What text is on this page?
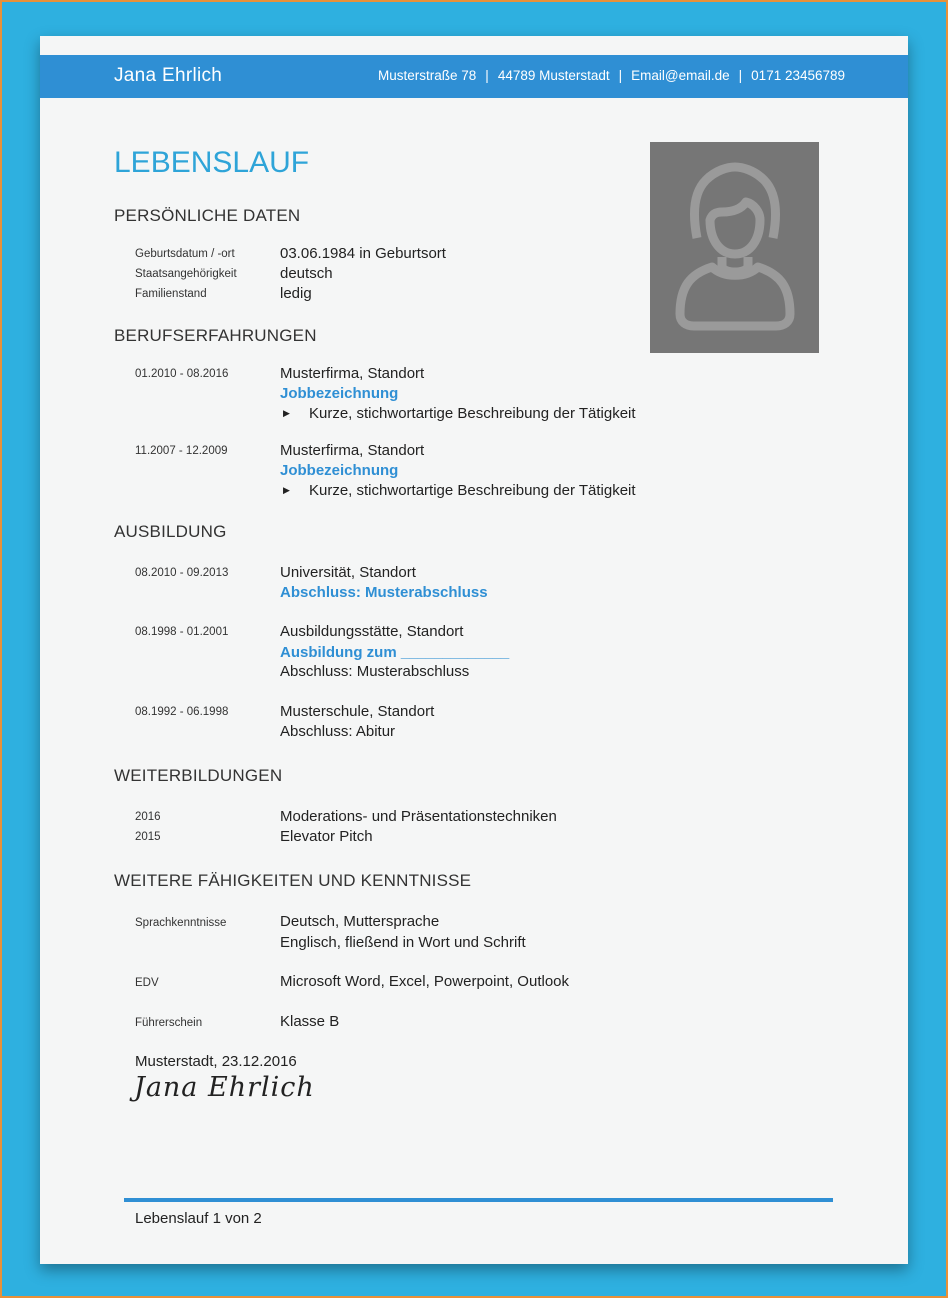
Jana Ehrlich	Musterstraße 78 | 44789 Musterstadt | Email@email.de | 0171 23456789
LEBENSLAUF
PERSÖNLICHE DATEN
Geburtsdatum / -ort	03.06.1984 in Geburtsort
Staatsangehörigkeit	deutsch
Familienstand	ledig
BERUFSERFAHRUNGEN
01.2010 - 08.2016	Musterfirma, Standort
Jobbezeichnung
▶ Kurze, stichwortartige Beschreibung der Tätigkeit
11.2007 - 12.2009	Musterfirma, Standort
Jobbezeichnung
▶ Kurze, stichwortartige Beschreibung der Tätigkeit
AUSBILDUNG
08.2010 - 09.2013	Universität, Standort
Abschluss: Musterabschluss
08.1998 - 01.2001	Ausbildungsstätte, Standort
Ausbildung zum _____________
Abschluss: Musterabschluss
08.1992 - 06.1998	Musterschule, Standort
Abschluss: Abitur
WEITERBILDUNGEN
2016	Moderations- und Präsentationstechniken
2015	Elevator Pitch
WEITERE FÄHIGKEITEN UND KENNTNISSE
Sprachkenntnisse	Deutsch, Muttersprache
Englisch, fließend in Wort und Schrift
EDV	Microsoft Word, Excel, Powerpoint, Outlook
Führerschein	Klasse B
Musterstadt, 23.12.2016
Jana Ehrlich
Lebenslauf 1 von 2
